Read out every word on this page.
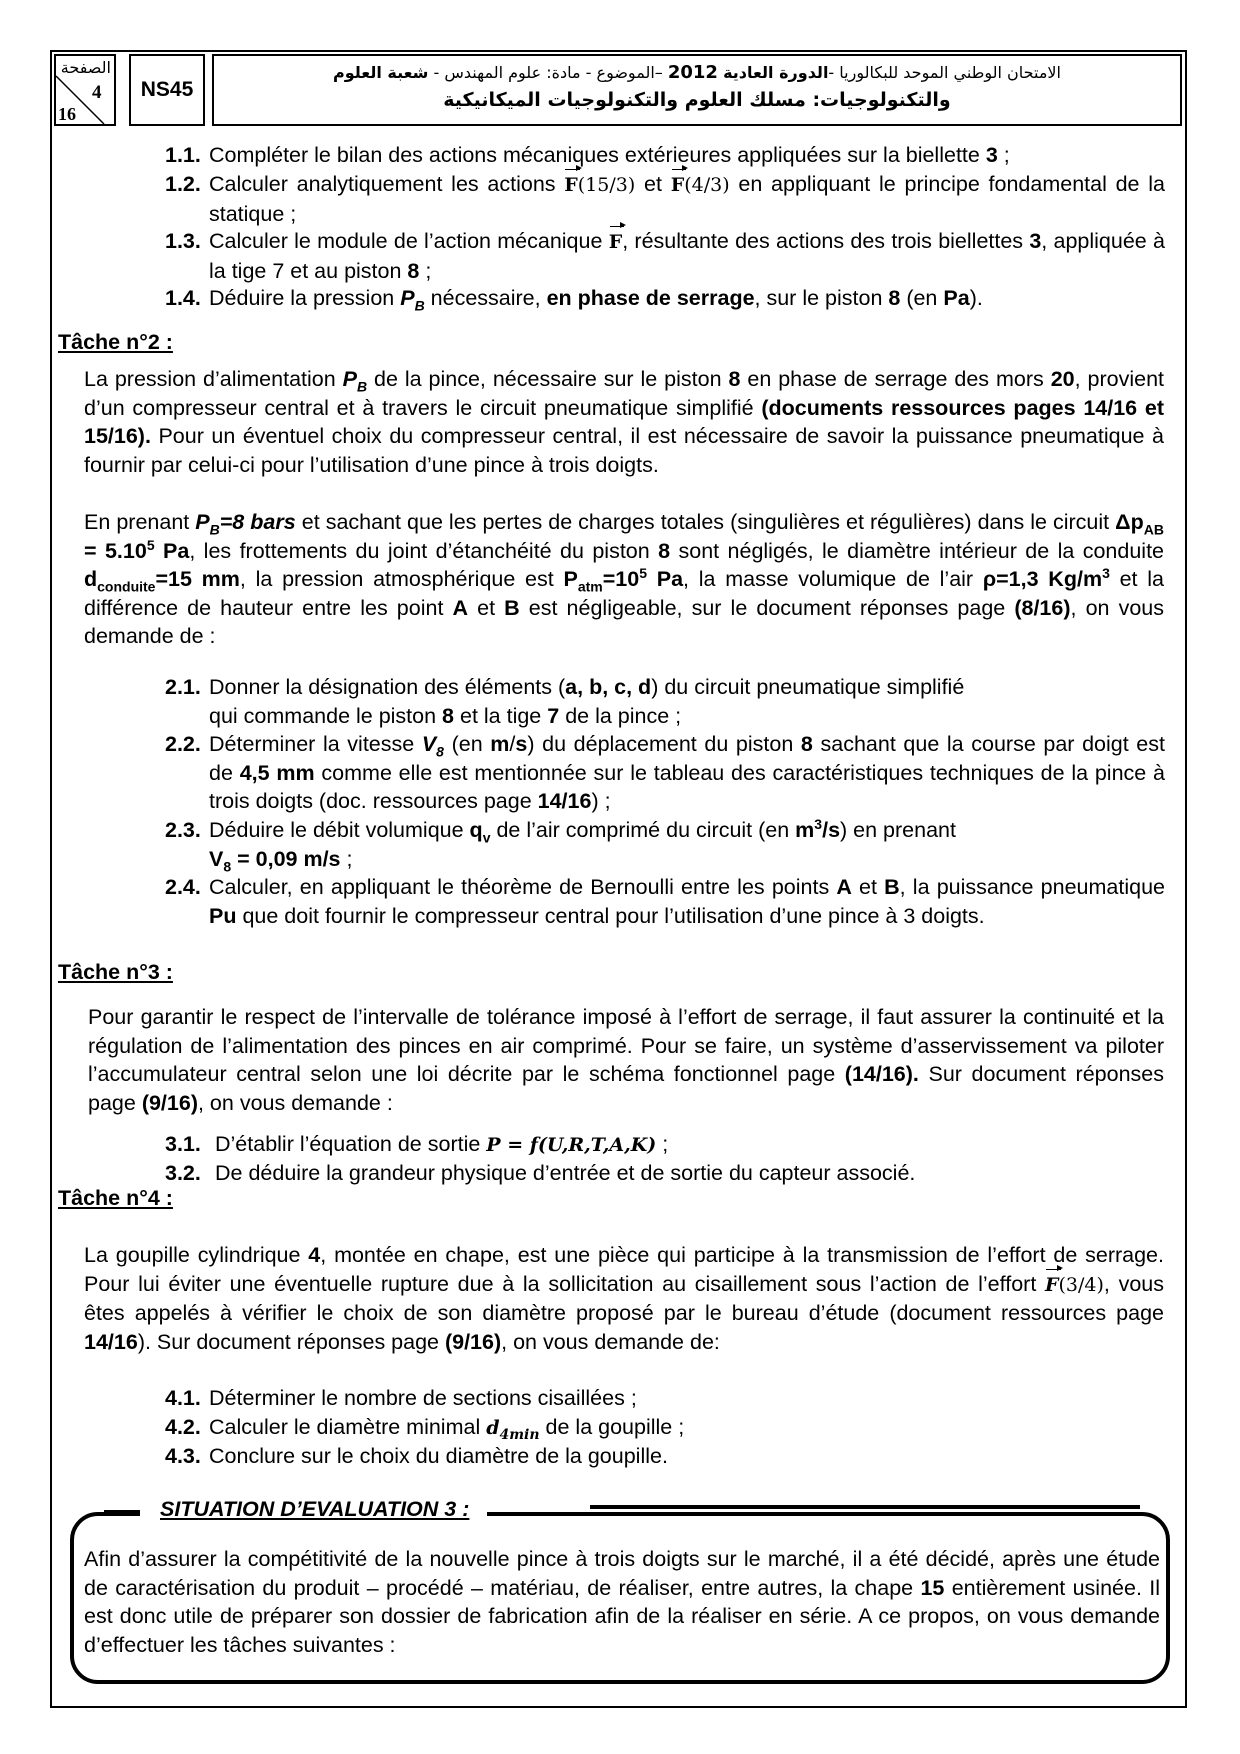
الصفحة
4
16
NS45
الامتحان الوطني الموحد للبكالوريا -الدورة العادية 2012 –الموضوع - مادة: علوم المهندس - شعبة العلوم
والتكنولوجيات: مسلك العلوم والتكنولوجيات الميكانيكية
1.1. Compléter le bilan des actions mécaniques extérieures appliquées sur la biellette 3 ;
1.2. Calculer analytiquement les actions F(15/3) et F(4/3) en appliquant le principe fondamental de la statique ;
1.3. Calculer le module de l’action mécanique F, résultante des actions des trois biellettes 3, appliquée à la tige 7 et au piston 8 ;
1.4. Déduire la pression $P_B$ nécessaire, en phase de serrage, sur le piston 8 (en Pa).
Tâche n°2 :
La pression d’alimentation $P_B$ de la pince, nécessaire sur le piston 8 en phase de serrage des mors 20, provient d’un compresseur central et à travers le circuit pneumatique simplifié (documents ressources pages 14/16 et 15/16). Pour un éventuel choix du compresseur central, il est nécessaire de savoir la puissance pneumatique à fournir par celui-ci pour l’utilisation d’une pince à trois doigts.
En prenant $P_B=8$ bars et sachant que les pertes de charges totales (singulières et régulières) dans le circuit $\Delta p_{AB} = 5.10^5$ Pa, les frottements du joint d’étanchéité du piston 8 sont négligés, le diamètre intérieur de la conduite $d_{conduite}=15$ mm, la pression atmosphérique est $P_{atm}=10^5$ Pa, la masse volumique de l’air ρ=1,3 $Kg/m^3$ et la différence de hauteur entre les point A et B est négligeable, sur le document réponses page (8/16), on vous demande de :
2.1. Donner la désignation des éléments (a, b, c, d) du circuit pneumatique simplifié
qui commande le piston 8 et la tige 7 de la pince ;
2.2. Déterminer la vitesse $V_8$ (en m/s) du déplacement du piston 8 sachant que la course par doigt est de 4,5 mm comme elle est mentionnée sur le tableau des caractéristiques techniques de la pince à trois doigts (doc. ressources page 14/16) ;
2.3. Déduire le débit volumique $q_v$ de l’air comprimé du circuit (en $m^3/s$) en prenant
$V_8 = 0,09$ m/s ;
2.4. Calculer, en appliquant le théorème de Bernoulli entre les points A et B, la puissance pneumatique Pu que doit fournir le compresseur central pour l’utilisation d’une pince à 3 doigts.
Tâche n°3 :
Pour garantir le respect de l’intervalle de tolérance imposé à l’effort de serrage, il faut assurer la continuité et la régulation de l’alimentation des pinces en air comprimé. Pour se faire, un système d’asservissement va piloter l’accumulateur central selon une loi décrite par le schéma fonctionnel page (14/16). Sur document réponses page (9/16), on vous demande :
3.1. D’établir l’équation de sortie P = f(U,R,T,A,K) ;
3.2. De déduire la grandeur physique d’entrée et de sortie du capteur associé.
Tâche n°4 :
La goupille cylindrique 4, montée en chape, est une pièce qui participe à la transmission de l’effort de serrage. Pour lui éviter une éventuelle rupture due à la sollicitation au cisaillement sous l’action de l’effort F(3/4), vous êtes appelés à vérifier le choix de son diamètre proposé par le bureau d’étude (document ressources page 14/16). Sur document réponses page (9/16), on vous demande de:
4.1. Déterminer le nombre de sections cisaillées ;
4.2. Calculer le diamètre minimal $d_{4min}$ de la goupille ;
4.3. Conclure sur le choix du diamètre de la goupille.
SITUATION D’EVALUATION 3 :
Afin d’assurer la compétitivité de la nouvelle pince à trois doigts sur le marché, il a été décidé, après une étude de caractérisation du produit – procédé – matériau, de réaliser, entre autres, la chape 15 entièrement usinée. Il est donc utile de préparer son dossier de fabrication afin de la réaliser en série. A ce propos, on vous demande d’effectuer les tâches suivantes :
